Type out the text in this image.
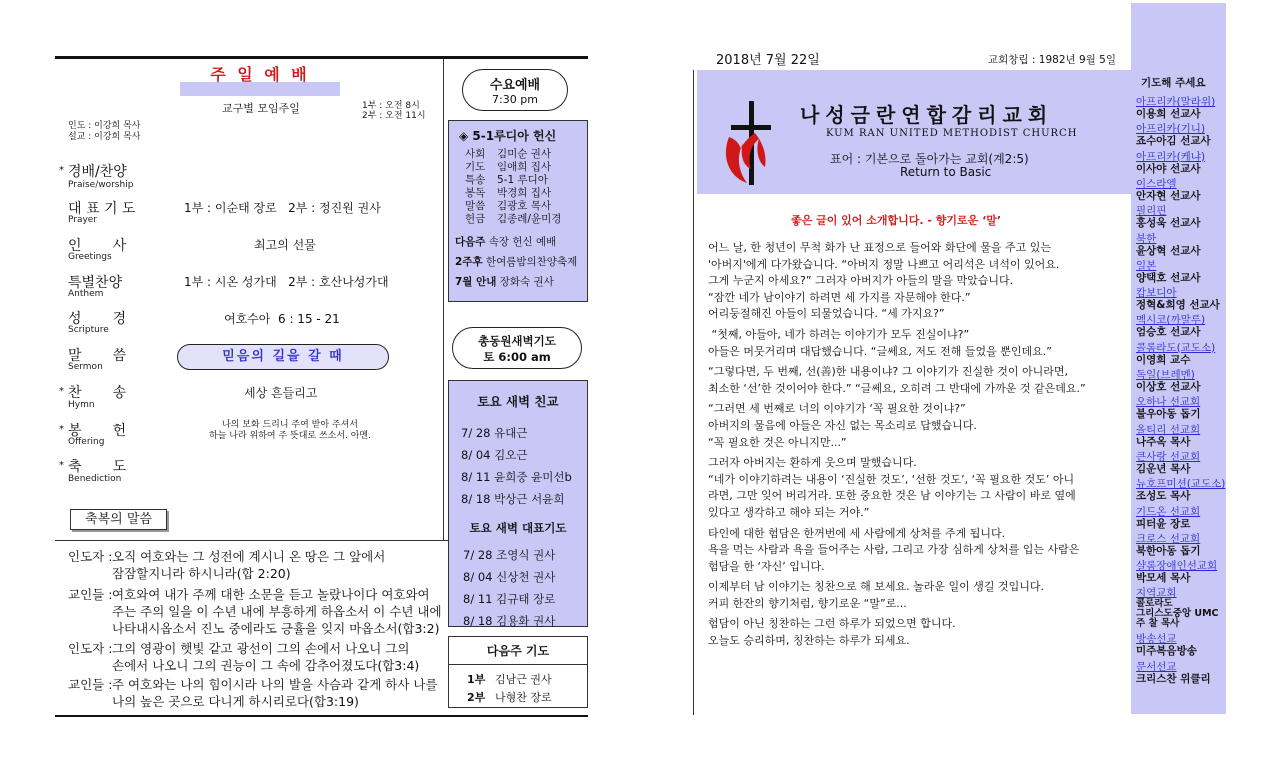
주 일 예 배
교구별 모임주일	1부 : 오전 8시
2부 : 오전 11시
인도 : 이강희 목사
설교 : 이강희 목사
* 경배/찬양
Praise/worship
대 표 기 도
Prayer
1부 : 이순태 장로   2부 : 정진원 권사
인       사
Greetings
최고의 선물
특별찬양
Anthem
1부 : 시온 성가대   2부 : 호산나성가대
성       경
Scripture
여호수아  6 : 15 - 21
말       씀
Sermon
믿음의 길을 갈 때
* 찬       송
Hymn
세상 흔들리고
* 봉       헌
Offering
나의 보화 드리니 주여 받아 주셔서
하늘 나라 위하여 주 뜻대로 쓰소서. 아멘.
* 축       도
Benediction
축복의 말씀
인도자 : 오직 여호와는 그 성전에 계시니 온 땅은 그 앞에서
잠잠할지니라 하시니라(합 2:20)
교인들 : 여호와여 내가 주께 대한 소문을 듣고 놀랐나이다 여호와여
주는 주의 일을 이 수년 내에 부흥하게 하옵소서 이 수년 내에
나타내시옵소서 진노 중에라도 긍휼을 잊지 마옵소서(합3:2)
인도자 : 그의 영광이 햇빛 같고 광선이 그의 손에서 나오니 그의
손에서 나오니 그의 권능이 그 속에 감추어졌도다(합3:4)
교인들 : 주 여호와는 나의 힘이시라 나의 발을 사슴과 같게 하사 나를
나의 높은 곳으로 다니게 하시리로다(합3:19)
수요예배
7:30 pm
◈ 5-1루디아 헌신
사회 김미순 권사
기도 임애희 집사
특송 5-1 루디아
봉독 박경희 집사
말씀 김광호 목사
헌금 김종례/윤미경
다음주 속장 헌신 예배
2주후 한여름밤의찬양축제
7월 안내 장화숙 권사
총동원새벽기도
토 6:00 am
토요 새벽 친교
7/ 28 유대근
8/ 04 김오근
8/ 11 윤희중 윤미선b
8/ 18 박상근 서윤희
토요 새벽 대표기도
7/ 28 조영식 권사
8/ 04 신상천 권사
8/ 11 김규태 장로
8/ 18 김용화 권사
다음주 기도
1부 김남근 권사
2부 나형찬 장로
2018년 7월 22일	교회창립 : 1982년 9월 5일
나성금란연합감리교회
KUM RAN UNITED METHODIST CHURCH
표어 : 기본으로 돌아가는 교회(계2:5)
Return to Basic
좋은 글이 있어 소개합니다. - 향기로운 ‘말’
어느 날, 한 청년이 무척 화가 난 표정으로 들어와 화단에 물을 주고 있는
'아버지'에게 다가왔습니다. “아버지 정말 나쁘고 어리석은 녀석이 있어요.
그게 누군지 아세요?” 그러자 아버지가 아들의 말을 막았습니다.
“잠깐 네가 남이야기 하려면 세 가지를 자문해야 한다.”
어리둥절해진 아들이 되물었습니다. “세 가지요?”
“첫째, 아들아, 네가 하려는 이야기가 모두 진실이냐?”
아들은 머뭇거리며 대답했습니다. “글쎄요, 저도 전해 들었을 뿐인데요.”
“그렇다면, 두 번째, 선(善)한 내용이냐? 그 이야기가 진실한 것이 아니라면,
최소한 ‘선’한 것이어야 한다.” “글쎄요, 오히려 그 반대에 가까운 것 같은데요.”
“그러면 세 번째로 너의 이야기가 ‘꼭 필요한 것이냐?”
아버지의 물음에 아들은 자신 없는 목소리로 답했습니다.
“꼭 필요한 것은 아니지만...”
그러자 아버지는 환하게 웃으며 말했습니다.
“네가 이야기하려는 내용이 ‘진실한 것도’, ‘선한 것도’, ‘꼭 필요한 것도’ 아니
라면, 그만 잊어 버리거라. 또한 중요한 것은 남 이야기는 그 사람이 바로 옆에
있다고 생각하고 해야 되는 거야.”
타인에 대한 험담은 한꺼번에 세 사람에게 상처를 주게 됩니다.
욕을 먹는 사람과 욕을 들어주는 사람, 그리고 가장 심하게 상처를 입는 사람은
험담을 한 ‘자신’ 입니다.
이제부터 남 이야기는 칭찬으로 해 보세요. 놀라운 일이 생길 것입니다.
커피 한잔의 향기처럼, 향기로운 “말”로...
험담이 아닌 칭찬하는 그런 하루가 되었으면 합니다.
오늘도 승리하며, 칭찬하는 하루가 되세요.
기도해 주세요
아프리카(말라위)
이용희 선교사
아프리카(기니)
죠수아김 선교사
아프리카(케냐)
이사야 선교사
이스라엘
안자현 선교사
필리핀
홍성욱 선교사
북한
윤상혁 선교사
일본
양택호 선교사
캄보디아
정혁&희영 선교사
멕시코(까말루)
엄승호 선교사
콜롬라도(교도소)
이영희 교수
독일(브레멘)
이상호 선교사
오하나 선교회
불우아동 돕기
올티리 선교회
나주옥 목사
큰사랑 선교회
김운년 목사
뉴호프미션(교도소)
조성도 목사
기드온 선교회
피터윤 장로
크로스 선교회
북한아동 돕기
샬롬장애인선교회
박모세 목사
지역교회
콜로라도
그리스도중앙 UMC
주 찰 목사
방송선교
미주복음방송
문서선교
크리스찬 위클리
